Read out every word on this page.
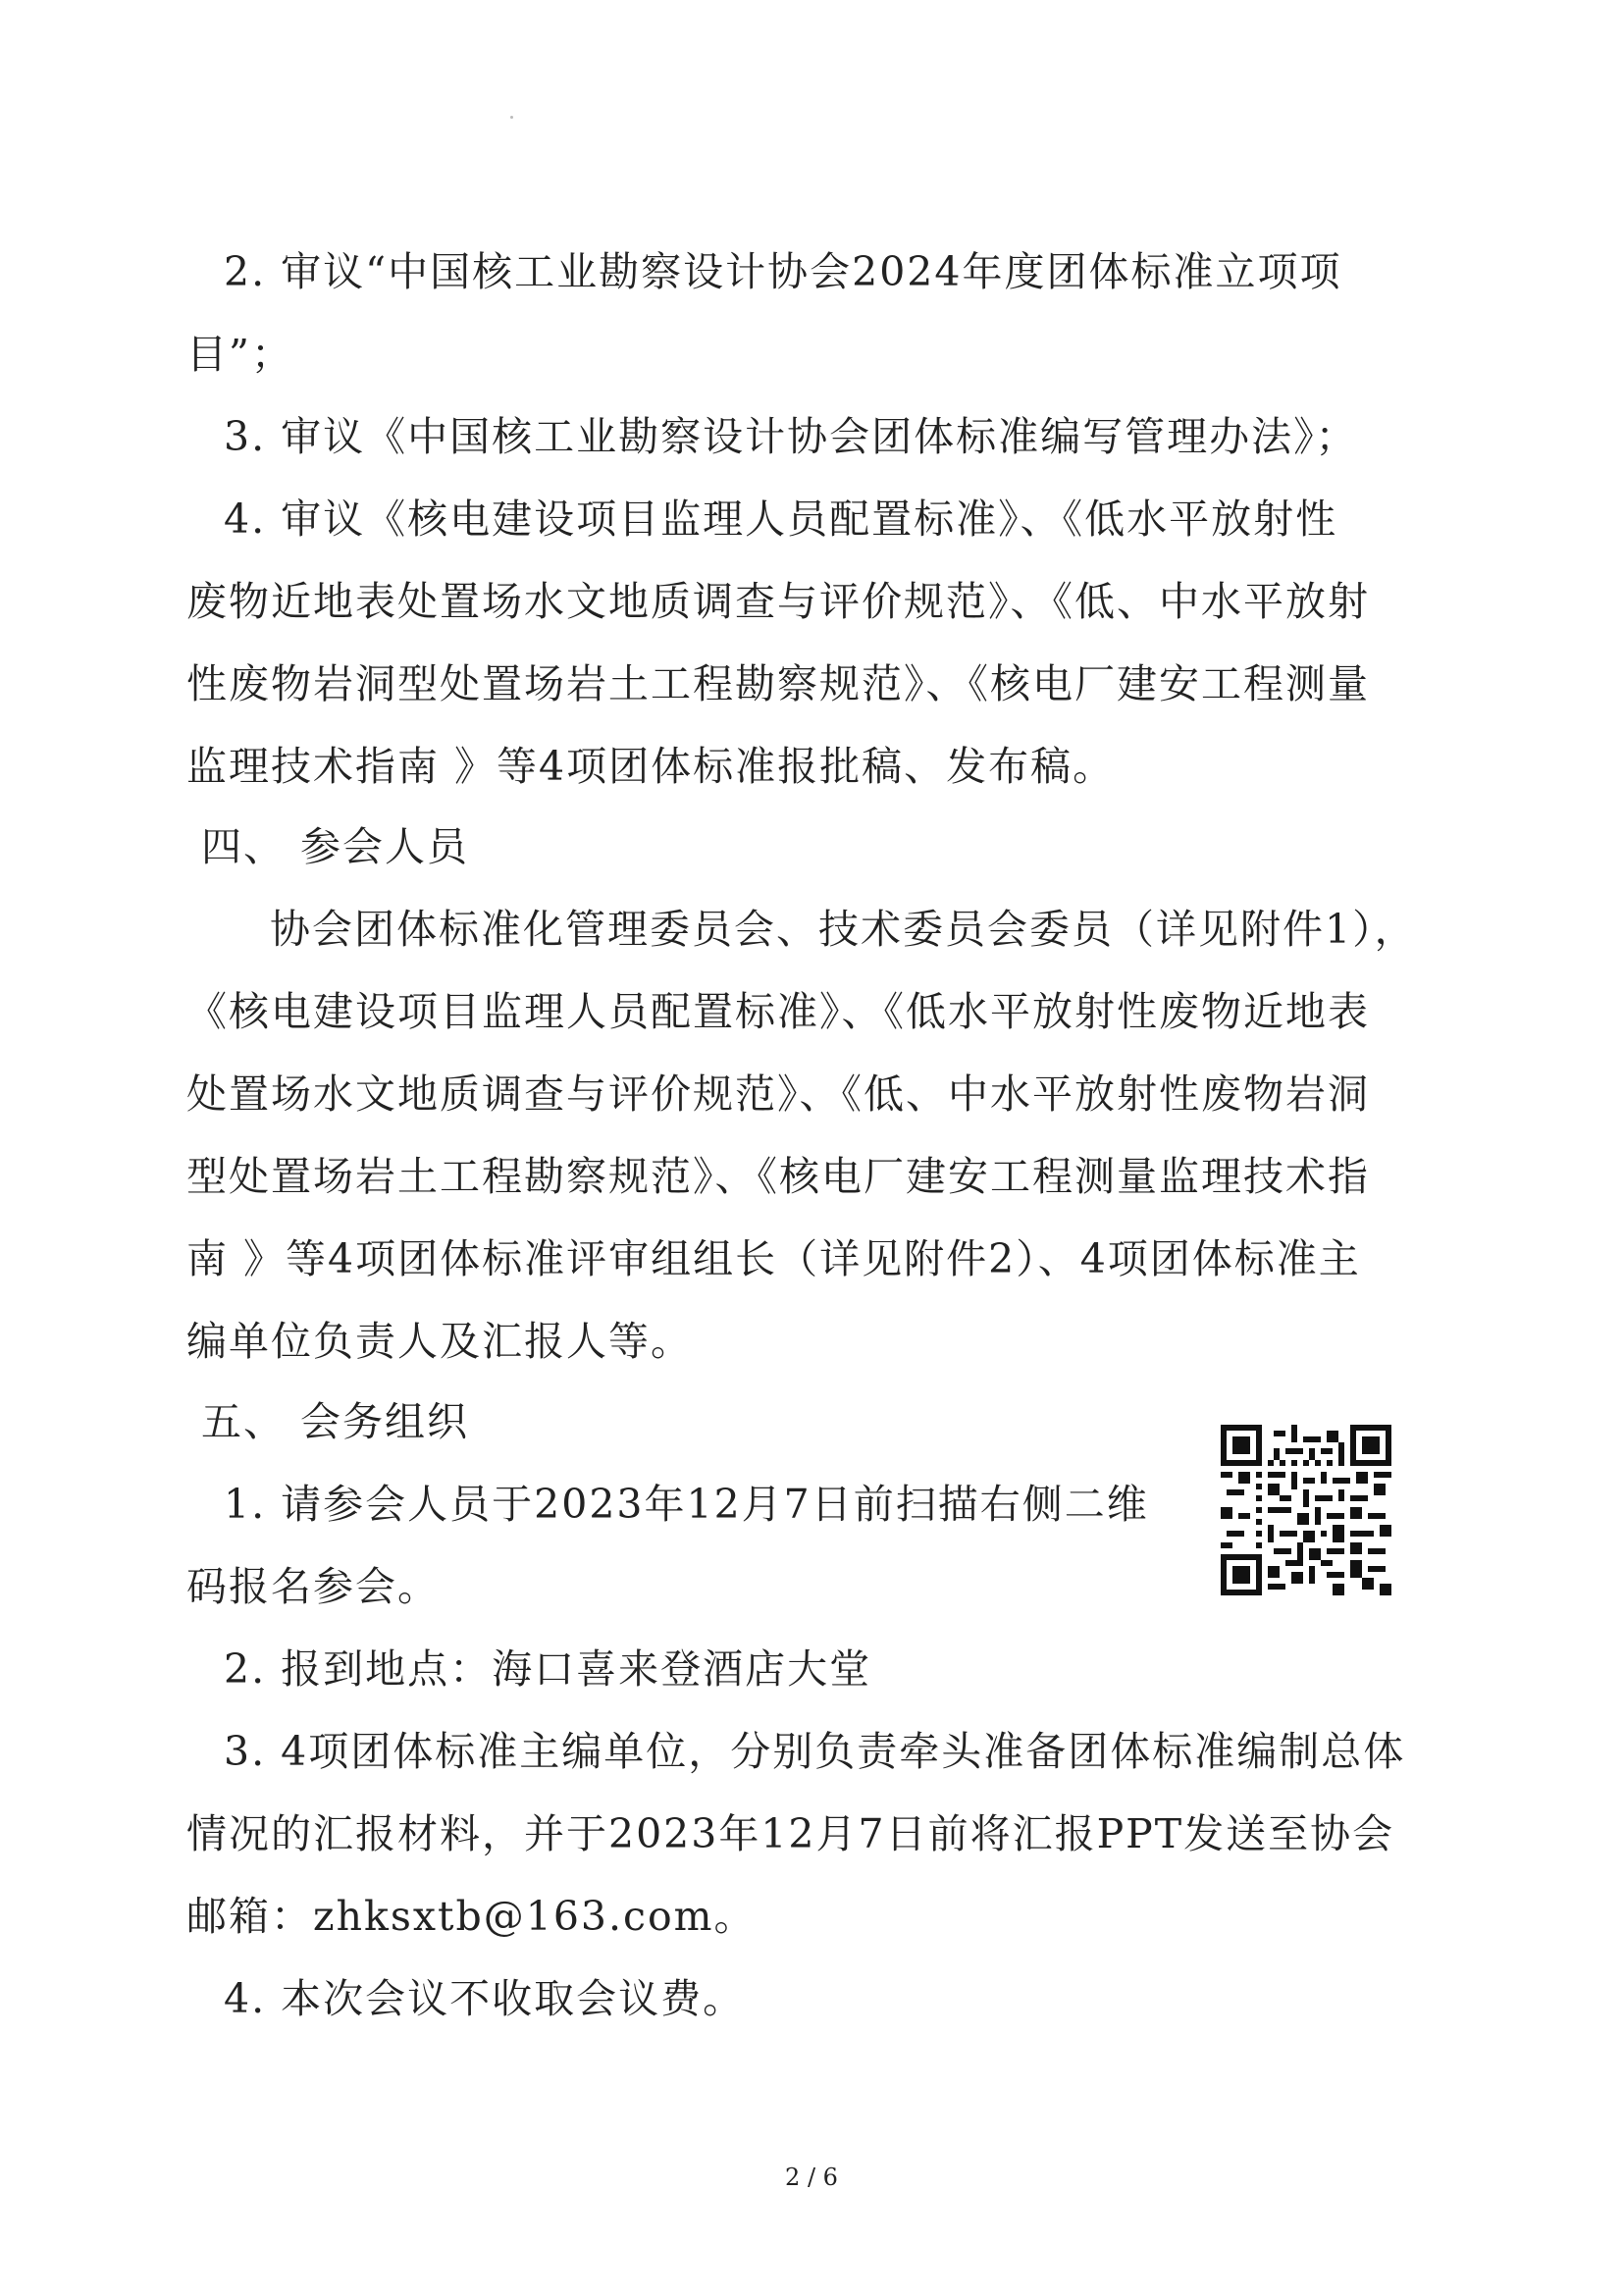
2. 审议“中国核工业勘察设计协会2024年度团体标准立项项
目”；
3. 审议《中国核工业勘察设计协会团体标准编写管理办法》；
4. 审议《核电建设项目监理人员配置标准》、《低水平放射性
废物近地表处置场水文地质调查与评价规范》、《低、中水平放射
性废物岩洞型处置场岩土工程勘察规范》、《核电厂建安工程测量
监理技术指南 》等4项团体标准报批稿、发布稿。
四、 参会人员
协会团体标准化管理委员会、技术委员会委员（详见附件1），
《核电建设项目监理人员配置标准》、《低水平放射性废物近地表
处置场水文地质调查与评价规范》、《低、中水平放射性废物岩洞
型处置场岩土工程勘察规范》、《核电厂建安工程测量监理技术指
南 》等4项团体标准评审组组长（详见附件2）、4项团体标准主
编单位负责人及汇报人等。
五、 会务组织
1. 请参会人员于2023年12月7日前扫描右侧二维
码报名参会。
2. 报到地点：海口喜来登酒店大堂
3. 4项团体标准主编单位，分别负责牵头准备团体标准编制总体
情况的汇报材料，并于2023年12月7日前将汇报PPT发送至协会
邮箱：zhksxtb@163.com。
4. 本次会议不收取会议费。
2 / 6
